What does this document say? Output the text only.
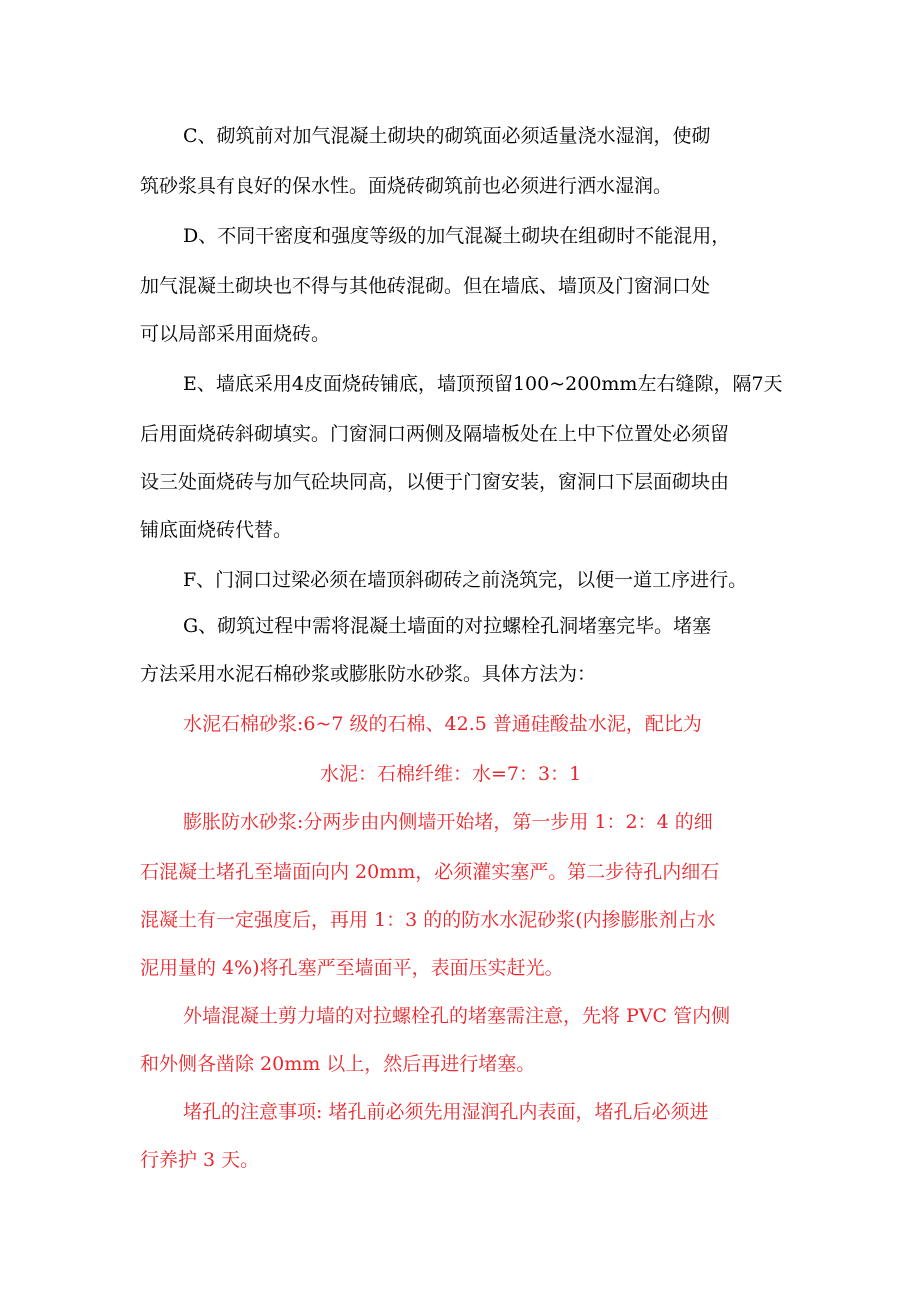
C、砌筑前对加气混凝土砌块的砌筑面必须适量浇水湿润，使砌
筑砂浆具有良好的保水性。面烧砖砌筑前也必须进行洒水湿润。
D、不同干密度和强度等级的加气混凝土砌块在组砌时不能混用，
加气混凝土砌块也不得与其他砖混砌。但在墙底、墙顶及门窗洞口处
可以局部采用面烧砖。
E、墙底采用4皮面烧砖铺底，墙顶预留100~200mm左右缝隙，隔7天
后用面烧砖斜砌填实。门窗洞口两侧及隔墙板处在上中下位置处必须留
设三处面烧砖与加气砼块同高，以便于门窗安装，窗洞口下层面砌块由
铺底面烧砖代替。
F、门洞口过梁必须在墙顶斜砌砖之前浇筑完，以便一道工序进行。
G、砌筑过程中需将混凝土墙面的对拉螺栓孔洞堵塞完毕。堵塞
方法采用水泥石棉砂浆或膨胀防水砂浆。具体方法为：
水泥石棉砂浆:6~7 级的石棉、42.5 普通硅酸盐水泥，配比为
水泥：石棉纤维：水=7：3：1
膨胀防水砂浆:分两步由内侧墙开始堵，第一步用 1：2：4 的细
石混凝土堵孔至墙面向内 20mm，必须灌实塞严。第二步待孔内细石
混凝土有一定强度后，再用 1：3 的的防水水泥砂浆(内掺膨胀剂占水
泥用量的 4%)将孔塞严至墙面平，表面压实赶光。
外墙混凝土剪力墙的对拉螺栓孔的堵塞需注意，先将 PVC 管内侧
和外侧各凿除 20mm 以上，然后再进行堵塞。
堵孔的注意事项: 堵孔前必须先用湿润孔内表面，堵孔后必须进
行养护 3 天。
